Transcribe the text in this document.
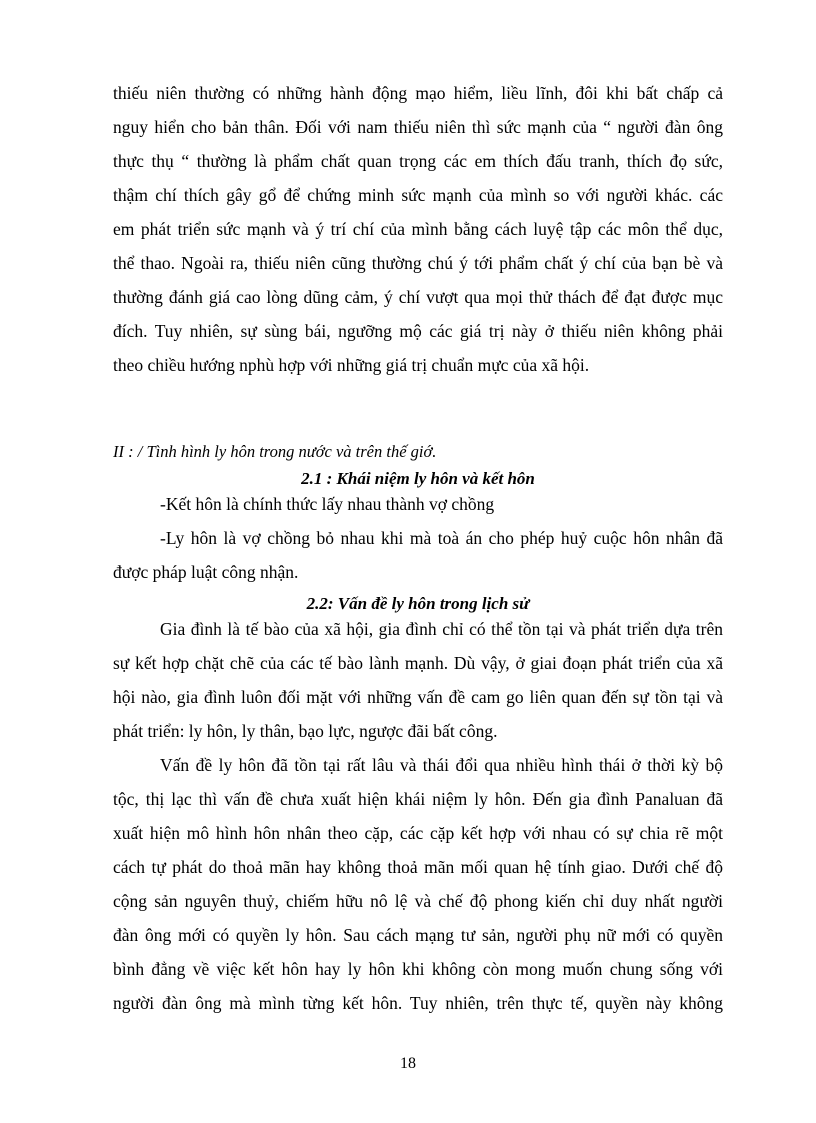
thiếu niên thường có những hành động mạo hiểm, liều lĩnh, đôi khi bất chấp cả
nguy hiển cho bản thân. Đối với nam thiếu niên thì sức mạnh của “ người đàn ông
thực thụ “ thường là phẩm chất quan trọng các em thích đấu tranh, thích đọ sức,
thậm chí thích gây gổ để chứng minh sức mạnh của mình so với người khác. các
em phát triển sức mạnh và ý trí chí của mình bằng cách luyệ tập các môn thể dục,
thể thao. Ngoài ra, thiếu niên cũng thường chú ý tới phẩm chất ý chí của bạn bè và
thường đánh giá cao lòng dũng cảm, ý chí vượt qua mọi thử thách để đạt được mục
đích. Tuy nhiên, sự sùng bái, ngưỡng mộ các giá trị này ở thiếu niên không phải
theo chiều hướng nphù hợp với những giá trị chuẩn mực của xã hội.
II : / Tình hình ly hôn trong nước và trên thế giớ.
2.1 : Khái niệm ly hôn và kết hôn
-Kết hôn là chính thức lấy nhau thành vợ chồng
-Ly hôn là vợ chồng bỏ nhau khi mà toà án cho phép huỷ cuộc hôn nhân đã
được pháp luật công nhận.
2.2: Vấn đề ly hôn trong lịch sử
Gia đình là tế bào của xã hội, gia đình chỉ có thể tồn tại và phát triển dựa trên
sự kết hợp chặt chẽ của các tế bào lành mạnh. Dù vậy, ở giai đoạn phát triển của xã
hội nào, gia đình luôn đối mặt với những vấn đề cam go liên quan đến sự tồn tại và
phát triển: ly hôn, ly thân, bạo lực, ngược đãi bất công.
Vấn đề ly hôn đã tồn tại rất lâu và thái đổi qua nhiều hình thái ở thời kỳ bộ
tộc, thị lạc thì vấn đề chưa xuất hiện khái niệm ly hôn. Đến gia đình Panaluan đã
xuất hiện mô hình hôn nhân theo cặp, các cặp kết hợp với nhau có sự chia rẽ một
cách tự phát do thoả mãn hay không thoả mãn mối quan hệ tính giao. Dưới chế độ
cộng sản nguyên thuỷ, chiếm hữu nô lệ và chế độ phong kiến chỉ duy nhất người
đàn ông mới có quyền ly hôn. Sau cách mạng tư sản, người phụ nữ mới có quyền
bình đẳng về việc kết hôn hay ly hôn khi không còn mong muốn chung sống với
người đàn ông mà mình từng kết hôn. Tuy nhiên, trên thực tế, quyền này không
18
